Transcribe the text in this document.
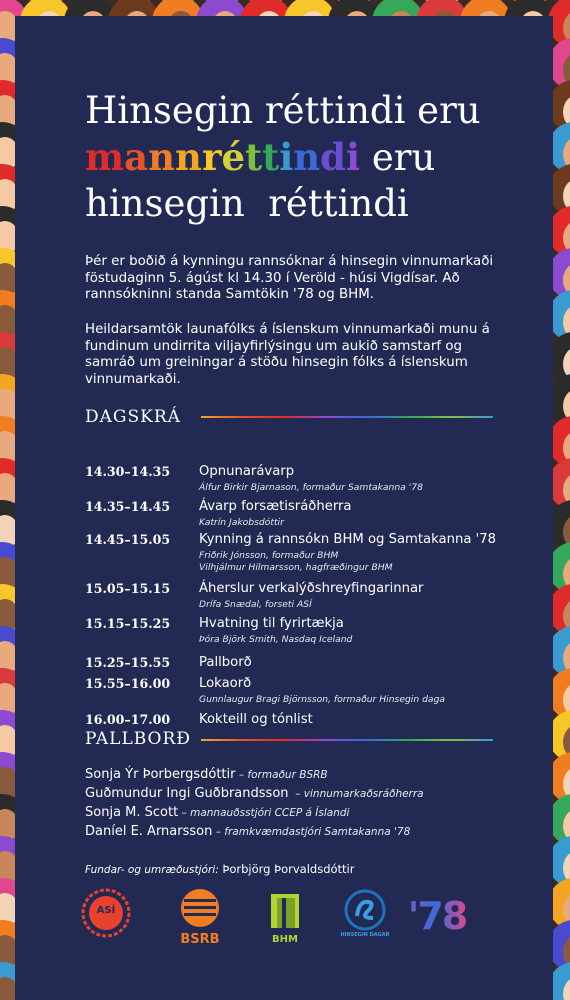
Hinsegin réttindi eru
mannréttindi eru
hinsegin  réttindi

Þér er boðið á kynningu rannsóknar á hinsegin vinnumarkaði föstudaginn 5. ágúst kl 14.30 í Veröld - húsi Vigdísar. Að rannsókninni standa Samtökin '78 og BHM.

Heildarsamtök launafólks á íslenskum vinnumarkaði munu á fundinum undirrita viljayfirlýsingu um aukið samstarf og samráð um greiningar á stöðu hinsegin fólks á íslenskum vinnumarkaði.

DAGSKRÁ
14.30–14.35 Opnunarávarp
Álfur Birkir Bjarnason, formaður Samtakanna '78
14.35–14.45 Ávarp forsætisráðherra
Katrín Jakobsdóttir
14.45–15.05 Kynning á rannsókn BHM og Samtakanna '78
Friðrik Jónsson, formaður BHM
Vilhjálmur Hilmarsson, hagfræðingur BHM
15.05–15.15 Áherslur verkalýðshreyfingarinnar
Drífa Snædal, forseti ASÍ
15.15–15.25 Hvatning til fyrirtækja
Þóra Björk Smith, Nasdaq Iceland
15.25–15.55 Pallborð
15.55–16.00 Lokaorð
Gunnlaugur Bragi Björnsson, formaður Hinsegin daga
16.00–17.00 Kokteill og tónlist
PALLBORÐ
Sonja Ýr Þorbergsdóttir – formaður BSRB
Guðmundur Ingi Guðbrandsson  – vinnumarkaðsráðherra
Sonja M. Scott – mannauðsstjóri CCEP á Íslandi
Daníel E. Arnarsson – framkvæmdastjóri Samtakanna '78
Fundar- og umræðustjóri: Þorbjörg Þorvaldsdóttir
ASÍ
BSRB	BHM	HINSEGIN DAGAR '78
